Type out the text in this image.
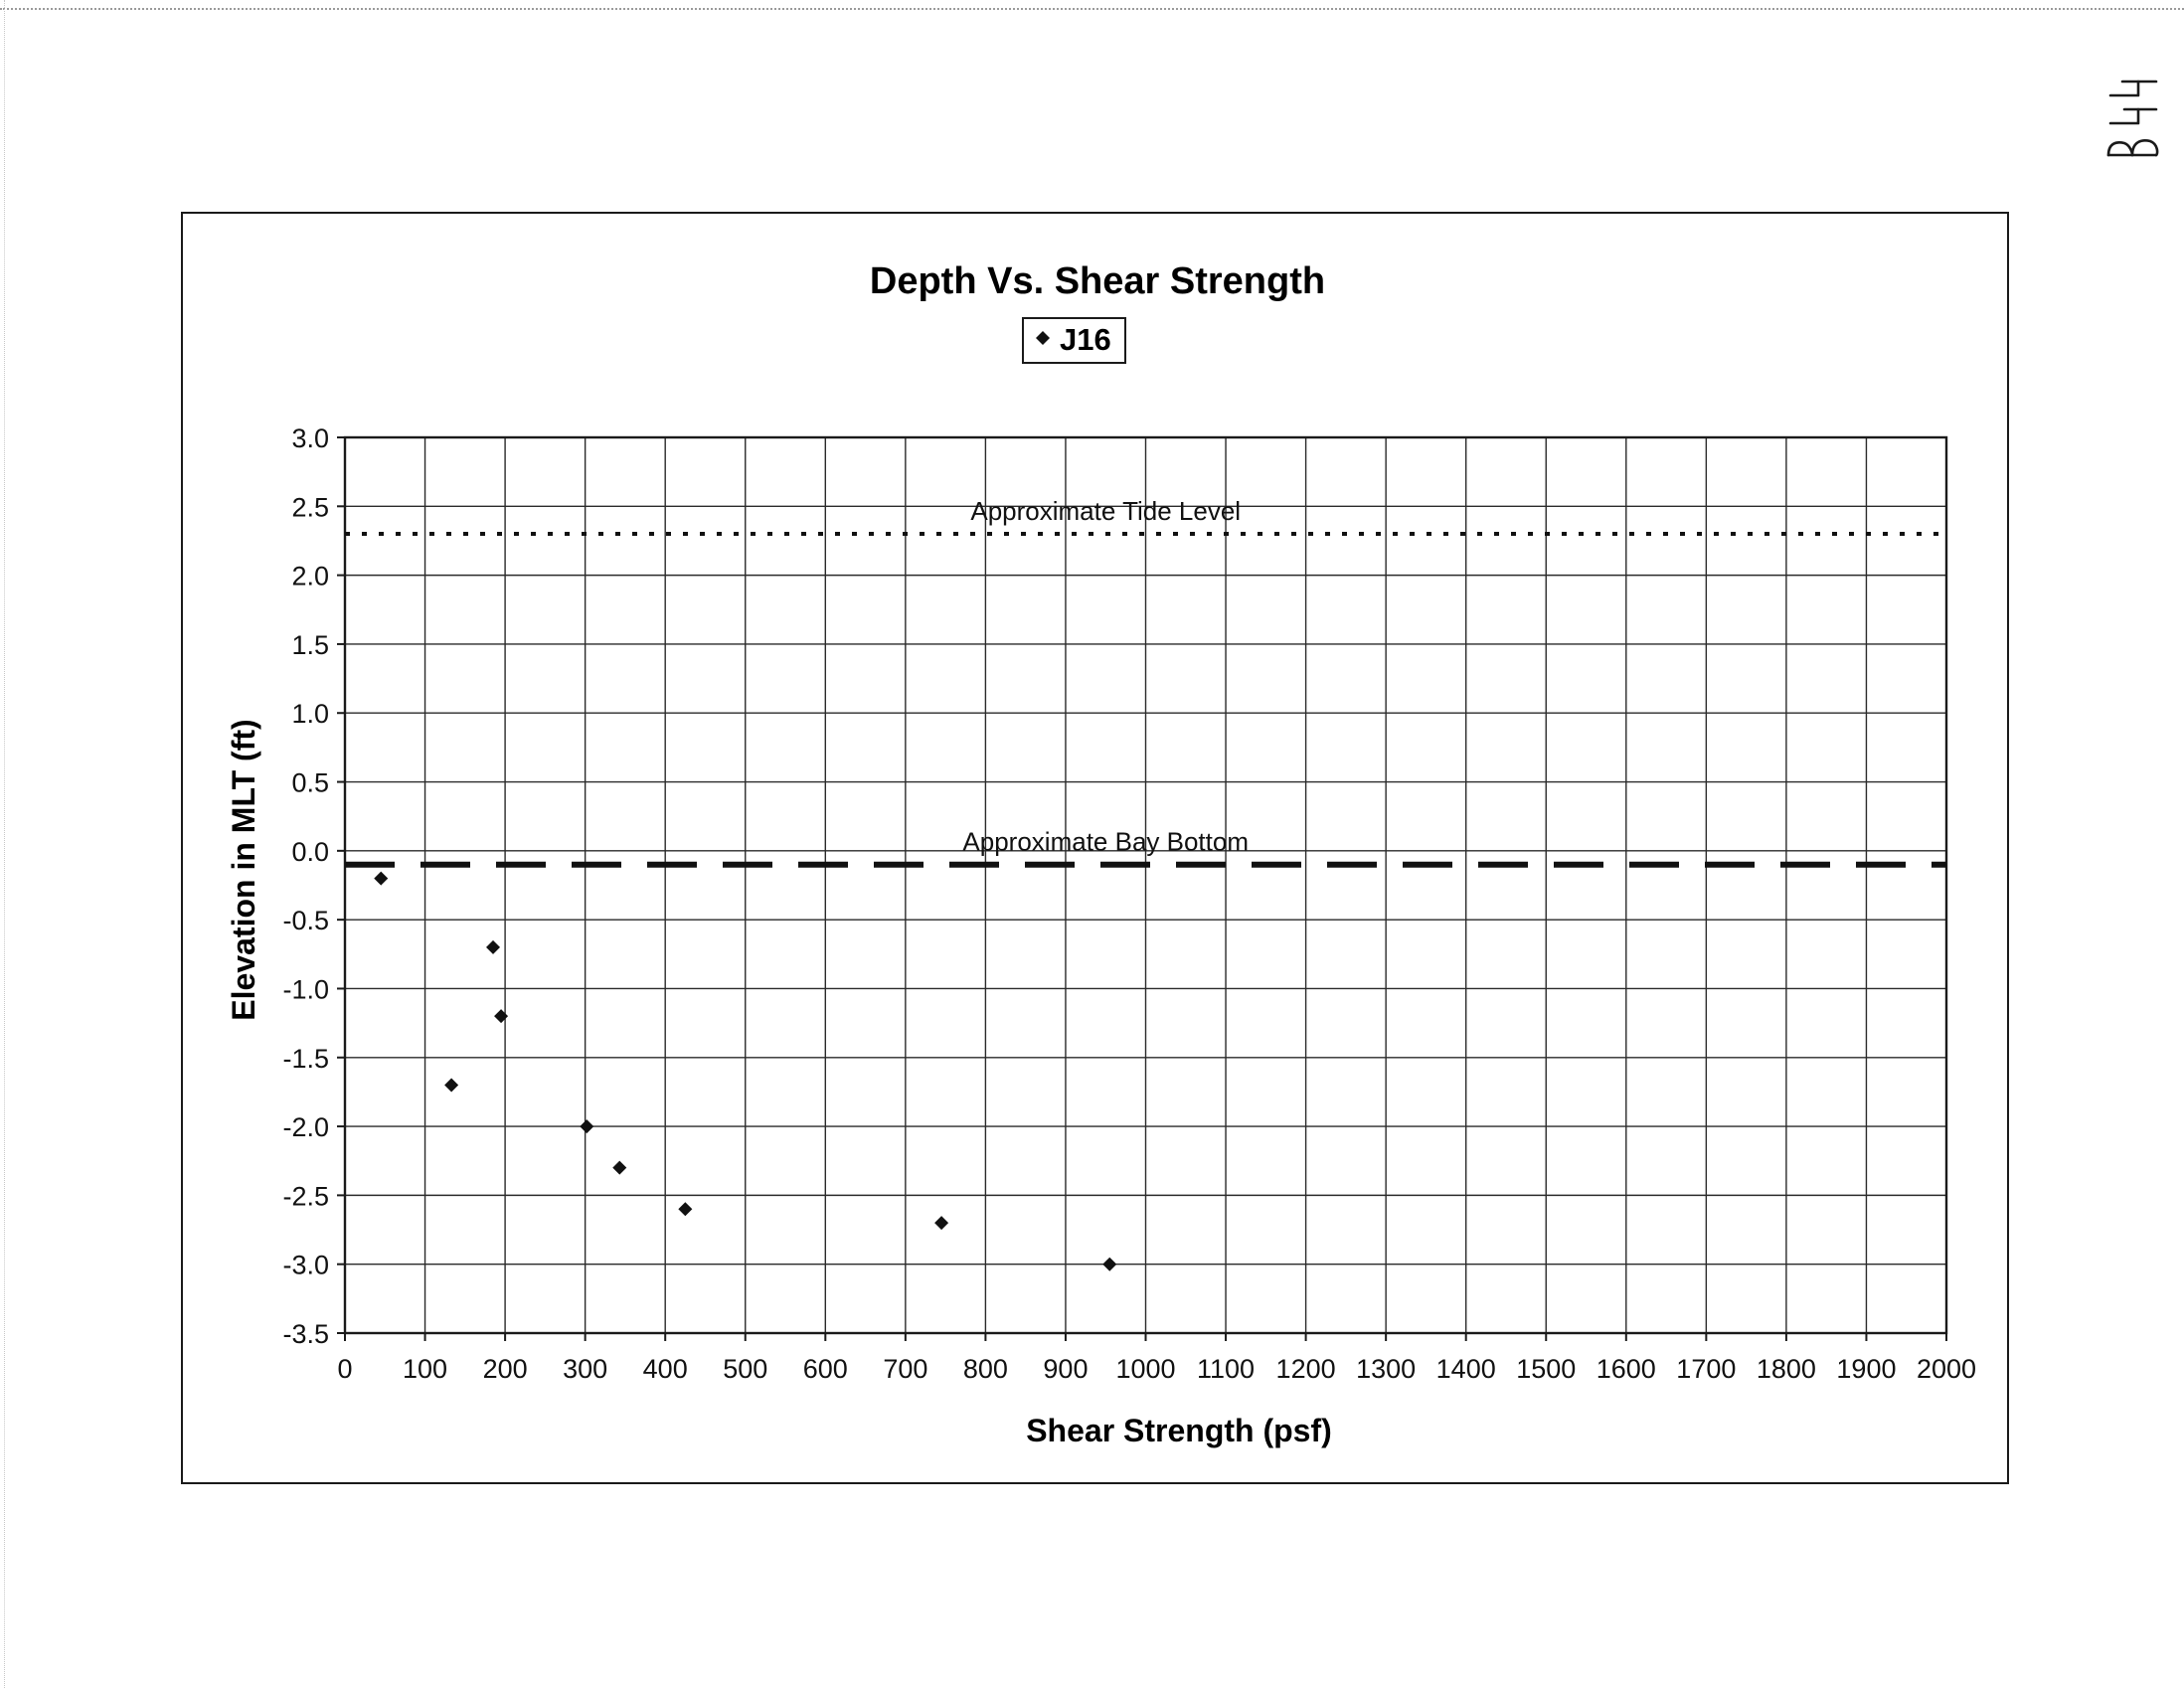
Depth Vs. Shear Strength
J16
0 100 200 300 400 500 600 700 800 900 1000 1100 1200 1300 1400 1500 1600 1700 1800 1900 2000
3.0
2.5
2.0
1.5
1.0
0.5
0.0
-0.5
-1.0
-1.5
-2.0
-2.5
-3.0
-3.5
Approximate Tide Level
Approximate Bay Bottom
Shear Strength (psf)
Elevation in MLT (ft)
